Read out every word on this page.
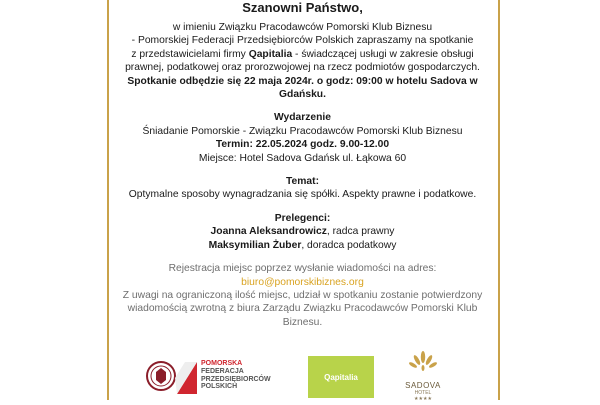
Szanowni Państwo,
w imieniu Związku Pracodawców Pomorski Klub Biznesu
- Pomorskiej Federacji Przedsiębiorców Polskich zapraszamy na spotkanie
z przedstawicielami firmy Qapitalia - świadczącej usługi w zakresie obsługi
prawnej, podatkowej oraz prorozwojowej na rzecz podmiotów gospodarczych.
Spotkanie odbędzie się 22 maja 2024r. o godz: 09:00 w hotelu Sadova w Gdańsku.
Wydarzenie
Śniadanie Pomorskie - Związku Pracodawców Pomorski Klub Biznesu
Termin: 22.05.2024 godz. 9.00-12.00
Miejsce: Hotel Sadova Gdańsk ul. Łąkowa 60
Temat:
Optymalne sposoby wynagradzania się spółki. Aspekty prawne i podatkowe.
Prelegenci:
Joanna Aleksandrowicz, radca prawny
Maksymilian Żuber, doradca podatkowy
Rejestracja miejsc poprzez wysłanie wiadomości na adres: biuro@pomorskibiznes.org
Z uwagi na ograniczoną ilość miejsc, udział w spotkaniu zostanie potwierdzony
wiadomością zwrotną z biura Zarządu Związku Pracodawców Pomorski Klub Biznesu.
POMORSKA
FEDERACJA
PRZEDSIĘBIORCÓW
POLSKICH
Qapitalia
SADOVA
HOTEL
★★★★
